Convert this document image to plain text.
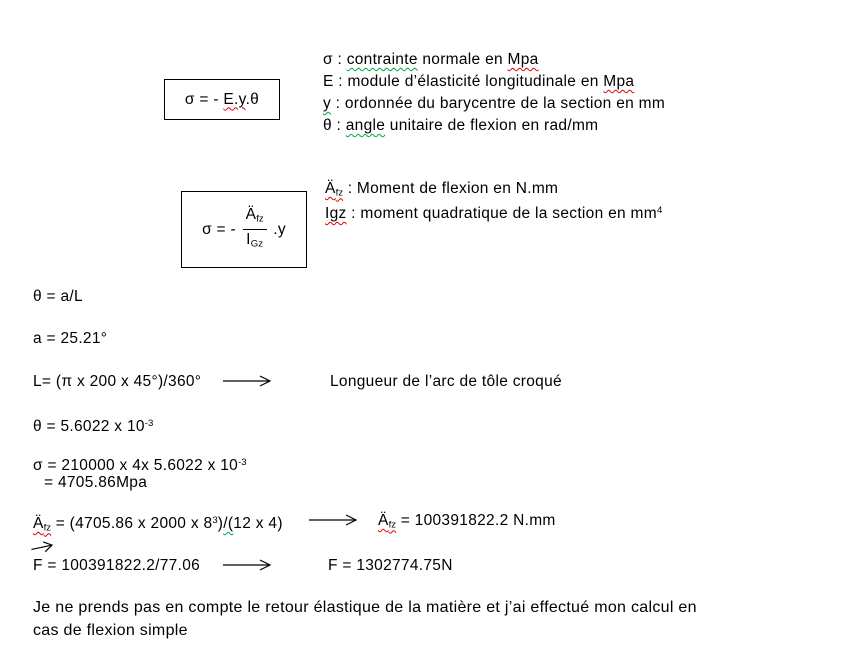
σ = - E.y.θ
σ : contrainte normale en Mpa
E : module d’élasticité longitudinale en Mpa
y : ordonnée du barycentre de la section en mm
θ : angle unitaire de flexion en rad/mm
σ = - $\frac{Ä_{fz}}{I_{Gz}} .y$
$Ä_{fz}$ : Moment de flexion en N.mm
Igz : moment quadratique de la section en $mm^4$
θ = a/L
a = 25.21°
L= (π x 200 x 45°)/360°	Longueur de l’arc de tôle croqué
θ = 5.6022 x $10^{-3}$
σ = 210000 x 4x 5.6022 x $10^{-3}$
= 4705.86Mpa
$Ä_{fz} = (4705.86$ x 2000 x $8^3)/(12$ x 4)	$Ä_{fz} = 100391822.2$ N.mm
F = 100391822.2/77.06	F = 1302774.75N
Je ne prends pas en compte le retour élastique de la matière et j’ai effectué mon calcul en
cas de flexion simple
